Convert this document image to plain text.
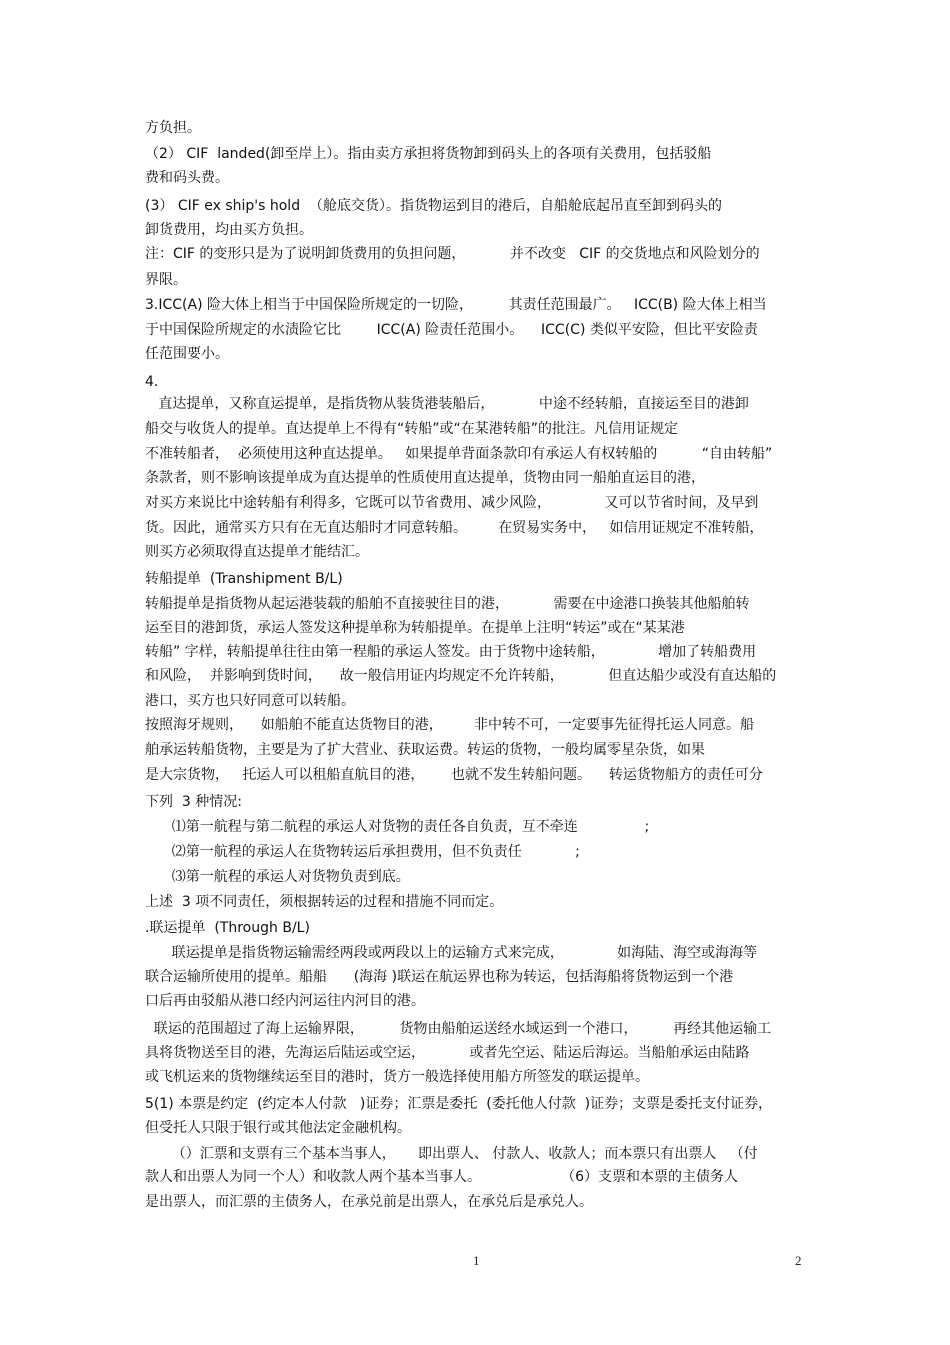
方负担。
（2） CIF  landed(卸至岸上）。指由卖方承担将货物卸到码头上的各项有关费用，包括驳船
费和码头费。
(3） CIF ex ship's hold  （舱底交货）。指货物运到目的港后，自船舱底起吊直至卸到码头的
卸货费用，均由买方负担。
注：CIF 的变形只是为了说明卸货费用的负担问题，          并不改变   CIF 的交货地点和风险划分的
界限。
3.ICC(A) 险大体上相当于中国保险所规定的一切险，        其责任范围最广。   ICC(B) 险大体上相当
于中国保险所规定的水渍险它比        ICC(A) 险责任范围小。    ICC(C) 类似平安险，但比平安险责
任范围要小。
4.
直达提单，又称直运提单，是指货物从装货港装船后，          中途不经转船，直接运至目的港卸
船交与收货人的提单。直达提单上不得有“转船”或“在某港转船”的批注。凡信用证规定
不准转船者，  必须使用这种直达提单。   如果提单背面条款印有承运人有权转船的          “自由转船”
条款者，则不影响该提单成为直达提单的性质使用直达提单，货物由同一船舶直运目的港，
对买方来说比中途转船有利得多，它既可以节省费用、减少风险，            又可以节省时间，及早到
货。因此，通常买方只有在无直达船时才同意转船。       在贸易实务中，   如信用证规定不准转船，
则买方必须取得直达提单才能结汇。
转船提单  (Transhipment B/L)
转船提单是指货物从起运港装载的船舶不直接驶往目的港，          需要在中途港口换装其他船舶转
运至目的港卸货，承运人签发这种提单称为转船提单。在提单上注明“转运”或在“某某港
转船” 字样，转船提单往往由第一程船的承运人签发。由于货物中途转船，            增加了转船费用
和风险，  并影响到货时间，    故一般信用证内均规定不允许转船，          但直达船少或没有直达船的
港口，买方也只好同意可以转船。
按照海牙规则，    如船舶不能直达货物目的港，       非中转不可，一定要事先征得托运人同意。船
舶承运转船货物，主要是为了扩大营业、获取运费。转运的货物，一般均属零星杂货，如果
是大宗货物，   托运人可以租船直航目的港，      也就不发生转船问题。    转运货物船方的责任可分
下列  3 种情况:
⑴第一航程与第二航程的承运人对货物的责任各自负责，互不牵连               ;
⑵第一航程的承运人在货物转运后承担费用，但不负责任            ;
⑶第一航程的承运人对货物负责到底。
上述  3 项不同责任，须根据转运的过程和措施不同而定。
.联运提单  (Through B/L)
联运提单是指货物运输需经两段或两段以上的运输方式来完成，            如海陆、海空或海海等
联合运输所使用的提单。船船      (海海 )联运在航运界也称为转运，包括海船将货物运到一个港
口后再由驳船从港口经内河运往内河目的港。
联运的范围超过了海上运输界限，        货物由船舶运送经水域运到一个港口，        再经其他运输工
具将货物送至目的港，先海运后陆运或空运，          或者先空运、陆运后海运。当船舶承运由陆路
或飞机运来的货物继续运至目的港时，货方一般选择使用船方所签发的联运提单。
5(1) 本票是约定  (约定本人付款   )证券；汇票是委托  (委托他人付款  )证券；支票是委托支付证券，
但受托人只限于银行或其他法定金融机构。
（）汇票和支票有三个基本当事人，     即出票人、 付款人、收款人；而本票只有出票人   （付
款人和出票人为同一个人）和收款人两个基本当事人。                  （6）支票和本票的主债务人
是出票人，而汇票的主债务人，在承兑前是出票人，在承兑后是承兑人。
1	2
